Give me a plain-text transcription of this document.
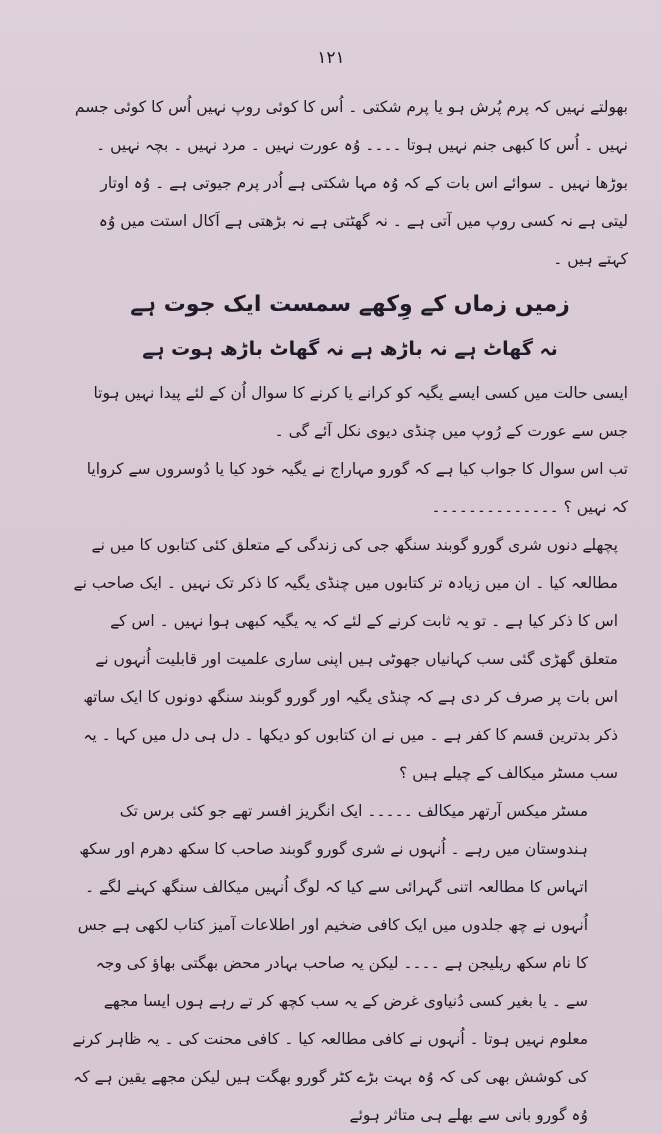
۱۲۱

بھولتے نہیں کہ پرم پُرش ہو یا پرم شکتی ۔ اُس کا کوئی روپ نہیں اُس کا کوئی جسم نہیں ۔ اُس کا کبھی جنم نہیں ہوتا ۔۔۔۔ وُہ عورت نہیں ۔ مرد نہیں ۔ بچہ نہیں ۔ بوڑھا نہیں ۔ سوائے اس بات کے کہ وُہ مہا شکتی ہے اُدر پرم جیوتی ہے ۔ وُہ اوتار لیتی ہے نہ کسی روپ میں آتی ہے ۔ نہ گھٹتی ہے نہ بڑھتی ہے اَکال استت میں وُہ کہتے ہیں ۔

زمیں زماں کے وِکھے سمست ایک جوت ہے

نہ گھاٹ ہے نہ باڑھ ہے نہ گھاٹ باڑھ ہوت ہے

ایسی حالت میں کسی ایسے یگیہ کو کرانے یا کرنے کا سوال اُن کے لئے پیدا نہیں ہوتا جس سے عورت کے رُوپ میں چنڈی دیوی نکل آئے گی ۔

تب اس سوال کا جواب کیا ہے کہ گورو مہاراج نے یگیہ خود کیا یا دُوسروں سے کروایا کہ نہیں ؟ ۔۔۔۔۔۔۔۔۔۔۔۔۔۔

پچھلے دنوں شری گورو گوبند سنگھ جی کی زندگی کے متعلق کئی کتابوں کا میں نے مطالعہ کیا ۔ ان میں زیادہ تر کتابوں میں چنڈی یگیہ کا ذکر تک نہیں ۔ ایک صاحب نے اس کا ذکر کیا ہے ۔ تو یہ ثابت کرنے کے لئے کہ یہ یگیہ کبھی ہوا نہیں ۔ اس کے متعلق گھڑی گئی سب کہانیاں جھوٹی ہیں اپنی ساری علمیت اور قابلیت اُنہوں نے اس بات پر صرف کر دی ہے کہ چنڈی یگیہ اور گورو گوبند سنگھ دونوں کا ایک ساتھ ذکر بدترین قسم کا کفر ہے ۔ میں نے ان کتابوں کو دیکھا ۔ دل ہی دل میں کہا ۔ یہ سب مسٹر میکالف کے چیلے ہیں ؟

مسٹر میکس آرتھر میکالف ۔۔۔۔۔ ایک انگریز افسر تھے جو کئی برس تک ہندوستان میں رہے ۔ اُنہوں نے شری گورو گوبند صاحب کا سکھ دھرم اور سکھ اتہاس کا مطالعہ اتنی گہرائی سے کیا کہ لوگ اُنہیں میکالف سنگھ کہنے لگے ۔ اُنہوں نے چھ جلدوں میں ایک کافی ضخیم اور اطلاعات آمیز کتاب لکھی ہے جس کا نام سکھ ریلیجن ہے ۔۔۔۔ لیکن یہ صاحب بہادر محض بھگتی بھاؤ کی وجہ سے ۔ یا بغیر کسی دُنیاوی غرض کے یہ سب کچھ کر تے رہے ہوں ایسا مجھے معلوم نہیں ہوتا ۔ اُنہوں نے کافی مطالعہ کیا ۔ کافی محنت کی ۔ یہ ظاہر کرنے کی کوشش بھی کی کہ وُہ بہت بڑے کٹر گورو بھگت ہیں لیکن مجھے یقین ہے کہ وُہ گورو بانی سے بھلے ہی متاثر ہوئے
